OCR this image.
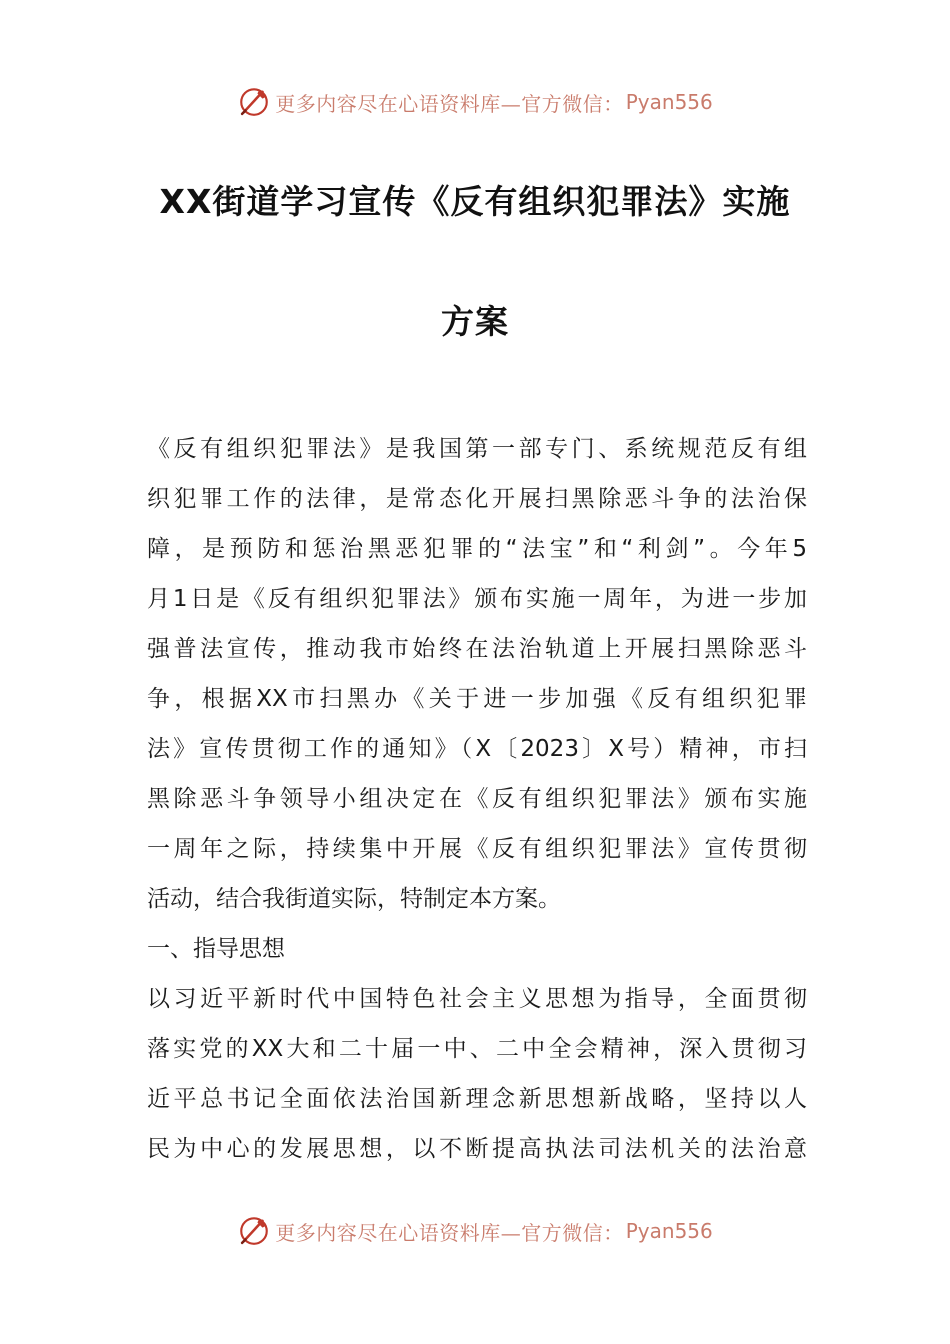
更多内容尽在心语资料库—官方微信： Pyan556
XX街道学习宣传《反有组织犯罪法》实施
方案
《反有组织犯罪法》是我国第一部专门、系统规范反有组
织犯罪工作的法律，是常态化开展扫黑除恶斗争的法治保
障，是预防和惩治黑恶犯罪的“法宝”和“利剑”。今年5
月1日是《反有组织犯罪法》颁布实施一周年，为进一步加
强普法宣传，推动我市始终在法治轨道上开展扫黑除恶斗
争，根据XX市扫黑办《关于进一步加强《反有组织犯罪
法》宣传贯彻工作的通知》（X〔2023〕X号）精神，市扫
黑除恶斗争领导小组决定在《反有组织犯罪法》颁布实施
一周年之际，持续集中开展《反有组织犯罪法》宣传贯彻
活动，结合我街道实际，特制定本方案。
一、指导思想
以习近平新时代中国特色社会主义思想为指导，全面贯彻
落实党的XX大和二十届一中、二中全会精神，深入贯彻习
近平总书记全面依法治国新理念新思想新战略，坚持以人
民为中心的发展思想，以不断提高执法司法机关的法治意
更多内容尽在心语资料库—官方微信： Pyan556
